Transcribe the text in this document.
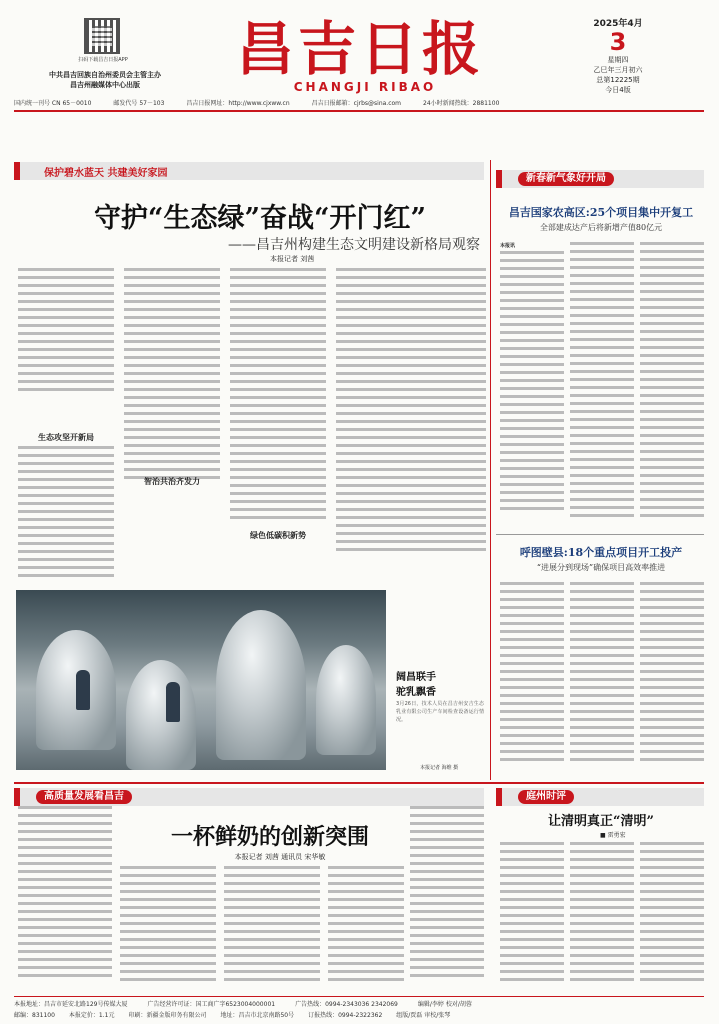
扫码下载昌吉日报APP
中共昌吉回族自治州委员会主管主办
昌吉州融媒体中心出版
昌吉日报
CHANGJI RIBAO
2025年4月
3
星期四
乙巳年三月初六
总第12225期
今日4版
国内统一刊号 CN 65－0010	邮发代号 57－103	昌吉日报网址：http://www.cjxww.cn	昌吉日报邮箱：cjrbs@sina.com	24小时新闻热线：2881100
保护碧水蓝天 共建美好家园
守护“生态绿”奋战“开门红”
——昌吉州构建生态文明建设新格局观察
本报记者 刘茜
生态攻坚开新局
智治共治齐发力
绿色低碳积新势
阔昌联手
驼乳飘香
3月26日，技术人员在昌吉州安吉生态乳业有限公司生产车间检查设备运行情况。
本报记者 海维 摄
新春新气象好开局
昌吉国家农高区:25个项目集中开复工
全部建成达产后将新增产值80亿元
本报讯
呼图壁县:18个重点项目开工投产
“进展分到现场”确保项目高效率推进
高质量发展看昌吉
一杯鲜奶的创新突围
本报记者 刘茜 通讯员 宋华敏
庭州时评
让清明真正“清明”
■ 雷勇宏
本报地址：昌吉市延安北路129号传媒大厦	广告经营许可证：国工商广字6523004000001	广告热线：0994-2343036 2342069	编辑/李婷 校对/胡蓉
邮编：831100 本报定价：1.1元 印刷：新疆金版印务有限公司 地址：昌吉市北京南路50号 订报热线：0994-2322362 组版/贾磊 审校/张琴
